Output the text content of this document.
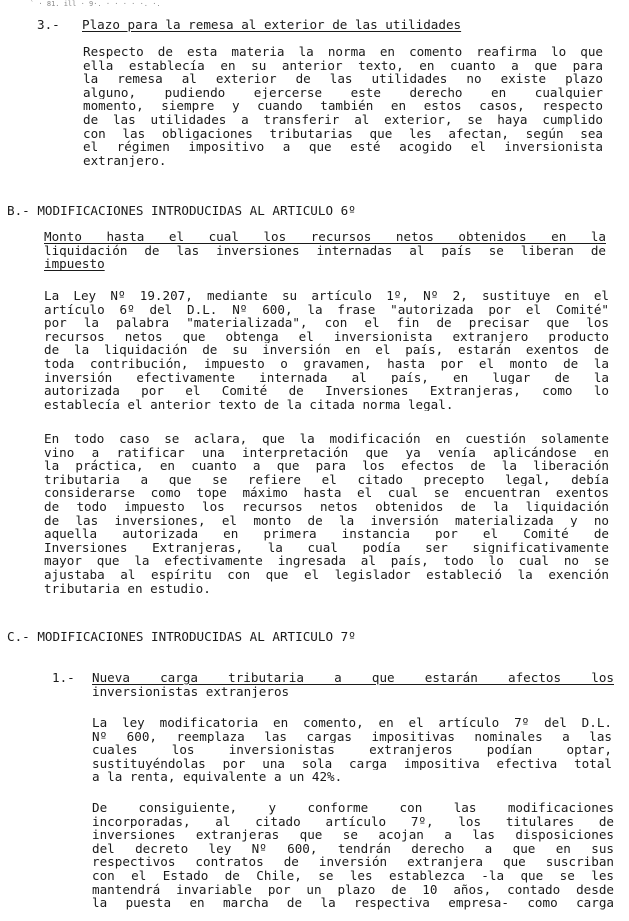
` · 81. ill · 9·. · · · · ·. ·.
3.- Plazo para la remesa al exterior de las utilidades
Respecto de esta materia la norma en comento reafirma lo que
ella establecía en su anterior texto, en cuanto a que para
la remesa al exterior de las utilidades no existe plazo
alguno, pudiendo ejercerse este derecho en cualquier
momento, siempre y cuando también en estos casos, respecto
de las utilidades a transferir al exterior, se haya cumplido
con las obligaciones tributarias que les afectan, según sea
el régimen impositivo a que esté acogido el inversionista
extranjero.
B.- MODIFICACIONES INTRODUCIDAS AL ARTICULO 6º
Monto hasta el cual los recursos netos obtenidos en la
liquidación de las inversiones internadas al país se liberan de
impuesto
La Ley Nº 19.207, mediante su artículo 1º, Nº 2, sustituye en el
artículo 6º del D.L. Nº 600, la frase "autorizada por el Comité"
por la palabra "materializada", con el fin de precisar que los
recursos netos que obtenga el inversionista extranjero producto
de la liquidación de su inversión en el país, estarán exentos de
toda contribución, impuesto o gravamen, hasta por el monto de la
inversión efectivamente internada al país, en lugar de la
autorizada por el Comité de Inversiones Extranjeras, como lo
establecía el anterior texto de la citada norma legal.
En todo caso se aclara, que la modificación en cuestión solamente
vino a ratificar una interpretación que ya venía aplicándose en
la práctica, en cuanto a que para los efectos de la liberación
tributaria a que se refiere el citado precepto legal, debía
considerarse como tope máximo hasta el cual se encuentran exentos
de todo impuesto los recursos netos obtenidos de la liquidación
de las inversiones, el monto de la inversión materializada y no
aquella autorizada en primera instancia por el Comité de
Inversiones Extranjeras, la cual podía ser significativamente
mayor que la efectivamente ingresada al país, todo lo cual no se
ajustaba al espíritu con que el legislador estableció la exención
tributaria en estudio.
C.- MODIFICACIONES INTRODUCIDAS AL ARTICULO 7º
1.- Nueva carga tributaria a que estarán afectos los
inversionistas extranjeros
La ley modificatoria en comento, en el artículo 7º del D.L.
Nº 600, reemplaza las cargas impositivas nominales a las
cuales los inversionistas extranjeros podían optar,
sustituyéndolas por una sola carga impositiva efectiva total
a la renta, equivalente a un 42%.
De consiguiente, y conforme con las modificaciones
incorporadas, al citado artículo 7º, los titulares de
inversiones extranjeras que se acojan a las disposiciones
del decreto ley Nº 600, tendrán derecho a que en sus
respectivos contratos de inversión extranjera que suscriban
con el Estado de Chile, se les establezca -la que se les
mantendrá invariable por un plazo de 10 años, contado desde
la puesta en marcha de la respectiva empresa- como carga
